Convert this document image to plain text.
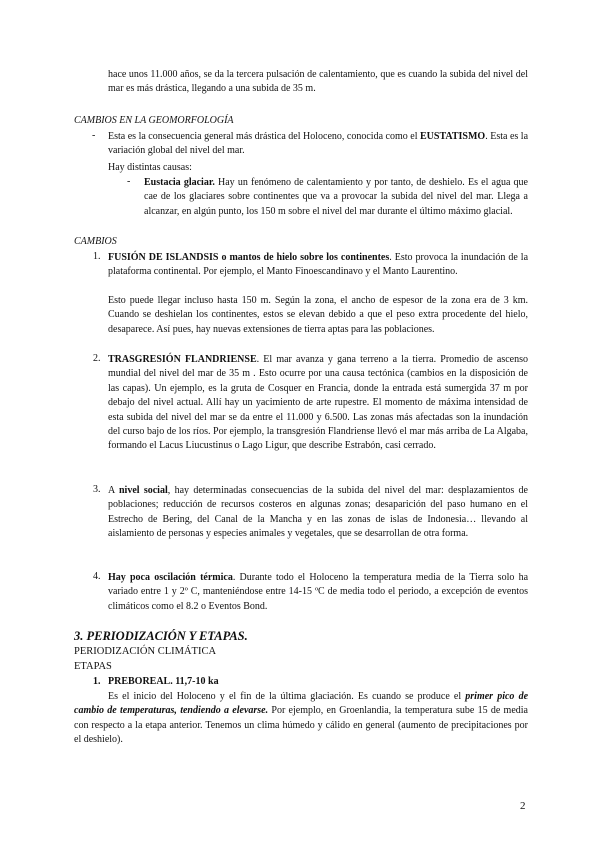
hace unos 11.000 años, se da la tercera pulsación de calentamiento, que es cuando la subida del nivel del mar es más drástica, llegando a una subida de 35 m.

CAMBIOS EN LA GEOMORFOLOGÍA
- Esta es la consecuencia general más drástica del Holoceno, conocida como el EUSTATISMO. Esta es la variación global del nivel del mar.

Hay distintas causas:

- Eustacia glaciar. Hay un fenómeno de calentamiento y por tanto, de deshielo. Es el agua que cae de los glaciares sobre continentes que va a provocar la subida del nivel del mar. Llega a alcanzar, en algún punto, los 150 m sobre el nivel del mar durante el último máximo glacial.

CAMBIOS
1. FUSIÓN DE ISLANDSIS o mantos de hielo sobre los continentes. Esto provoca la inundación de la plataforma continental. Por ejemplo, el Manto Finoescandinavo y el Manto Laurentino.

Esto puede llegar incluso hasta 150 m. Según la zona, el ancho de espesor de la zona era de 3 km. Cuando se deshielan los continentes, estos se elevan debido a que el peso extra procedente del hielo, desaparece. Así pues, hay nuevas extensiones de tierra aptas para las poblaciones.

2. TRASGRESIÓN FLANDRIENSE. El mar avanza y gana terreno a la tierra. Promedio de ascenso mundial del nivel del mar de 35 m . Esto ocurre por una causa tectónica (cambios en la disposición de las capas). Un ejemplo, es la gruta de Cosquer en Francia, donde la entrada está sumergida 37 m por debajo del nivel actual. Allí hay un yacimiento de arte rupestre. El momento de máxima intensidad de esta subida del nivel del mar se da entre el 11.000 y 6.500. Las zonas más afectadas son la inundación del curso bajo de los ríos. Por ejemplo, la transgresión Flandriense llevó el mar más arriba de La Algaba, formando el Lacus Liucustinus o Lago Ligur, que describe Estrabón, casi cerrado.

3. A nivel social, hay determinadas consecuencias de la subida del nivel del mar: desplazamientos de poblaciones; reducción de recursos costeros en algunas zonas; desaparición del paso humano en el Estrecho de Bering, del Canal de la Mancha y en las zonas de islas de Indonesia… llevando al aislamiento de personas y especies animales y vegetales, que se desarrollan de otra forma.

4. Hay poca oscilación térmica. Durante todo el Holoceno la temperatura media de la Tierra solo ha variado entre 1 y 2º C, manteniéndose entre 14-15 ºC de media todo el periodo, a excepción de eventos climáticos como el 8.2 o Eventos Bond.

3. PERIODIZACIÓN Y ETAPAS.
PERIODIZACIÓN CLIMÁTICA
ETAPAS
1. PREBOREAL. 11,7-10 ka

Es el inicio del Holoceno y el fin de la última glaciación. Es cuando se produce el primer pico de cambio de temperaturas, tendiendo a elevarse. Por ejemplo, en Groenlandia, la temperatura sube 15 de media con respecto a la etapa anterior. Tenemos un clima húmedo y cálido en general (aumento de precipitaciones por el deshielo).

2
